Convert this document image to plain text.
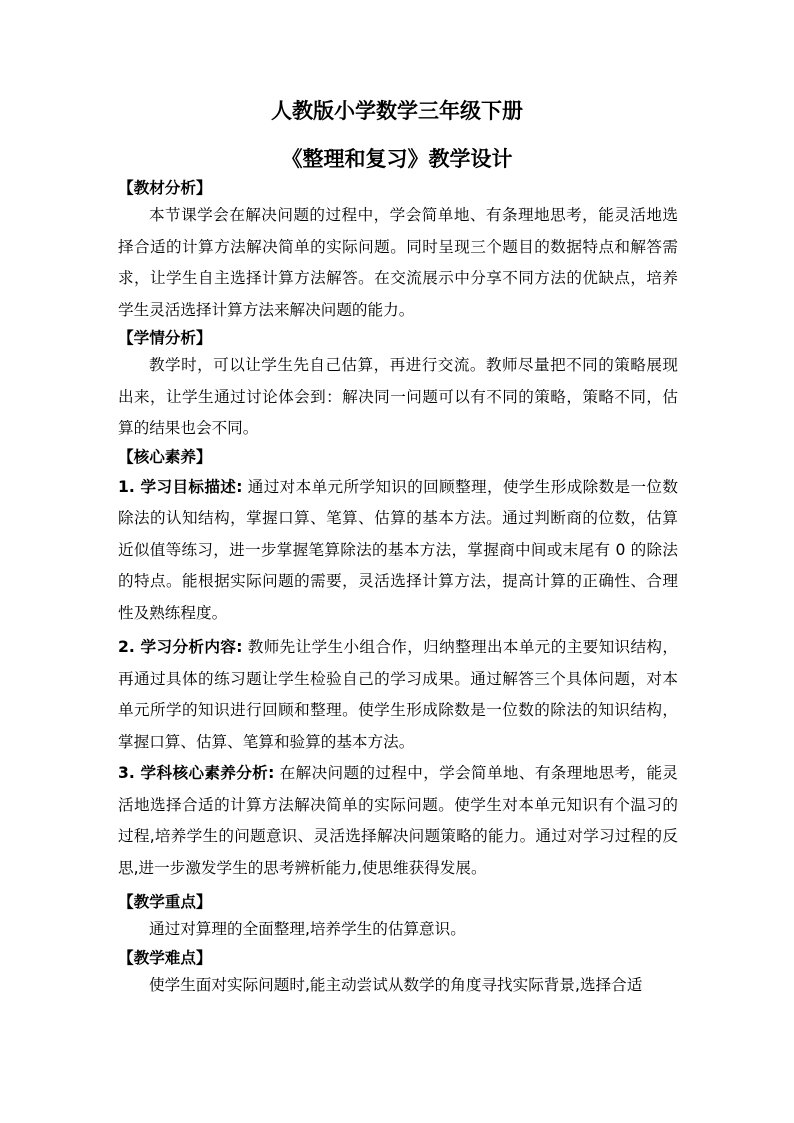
人教版小学数学三年级下册
《整理和复习》教学设计
【教材分析】

本节课学会在解决问题的过程中，学会简单地、有条理地思考，能灵活地选择合适的计算方法解决简单的实际问题。同时呈现三个题目的数据特点和解答需求，让学生自主选择计算方法解答。在交流展示中分享不同方法的优缺点，培养学生灵活选择计算方法来解决问题的能力。

【学情分析】

教学时，可以让学生先自己估算，再进行交流。教师尽量把不同的策略展现出来，让学生通过讨论体会到：解决同一问题可以有不同的策略，策略不同，估算的结果也会不同。

【核心素养】

1. 学习目标描述: 通过对本单元所学知识的回顾整理，使学生形成除数是一位数除法的认知结构，掌握口算、笔算、估算的基本方法。通过判断商的位数，估算近似值等练习，进一步掌握笔算除法的基本方法，掌握商中间或末尾有 0 的除法的特点。能根据实际问题的需要，灵活选择计算方法，提高计算的正确性、合理性及熟练程度。

2. 学习分析内容: 教师先让学生小组合作，归纳整理出本单元的主要知识结构，再通过具体的练习题让学生检验自己的学习成果。通过解答三个具体问题，对本单元所学的知识进行回顾和整理。使学生形成除数是一位数的除法的知识结构，掌握口算、估算、笔算和验算的基本方法。

3. 学科核心素养分析: 在解决问题的过程中，学会简单地、有条理地思考，能灵活地选择合适的计算方法解决简单的实际问题。使学生对本单元知识有个温习的过程,培养学生的问题意识、灵活选择解决问题策略的能力。通过对学习过程的反思,进一步激发学生的思考辨析能力,使思维获得发展。

【教学重点】

通过对算理的全面整理,培养学生的估算意识。

【教学难点】

使学生面对实际问题时,能主动尝试从数学的角度寻找实际背景,选择合适
